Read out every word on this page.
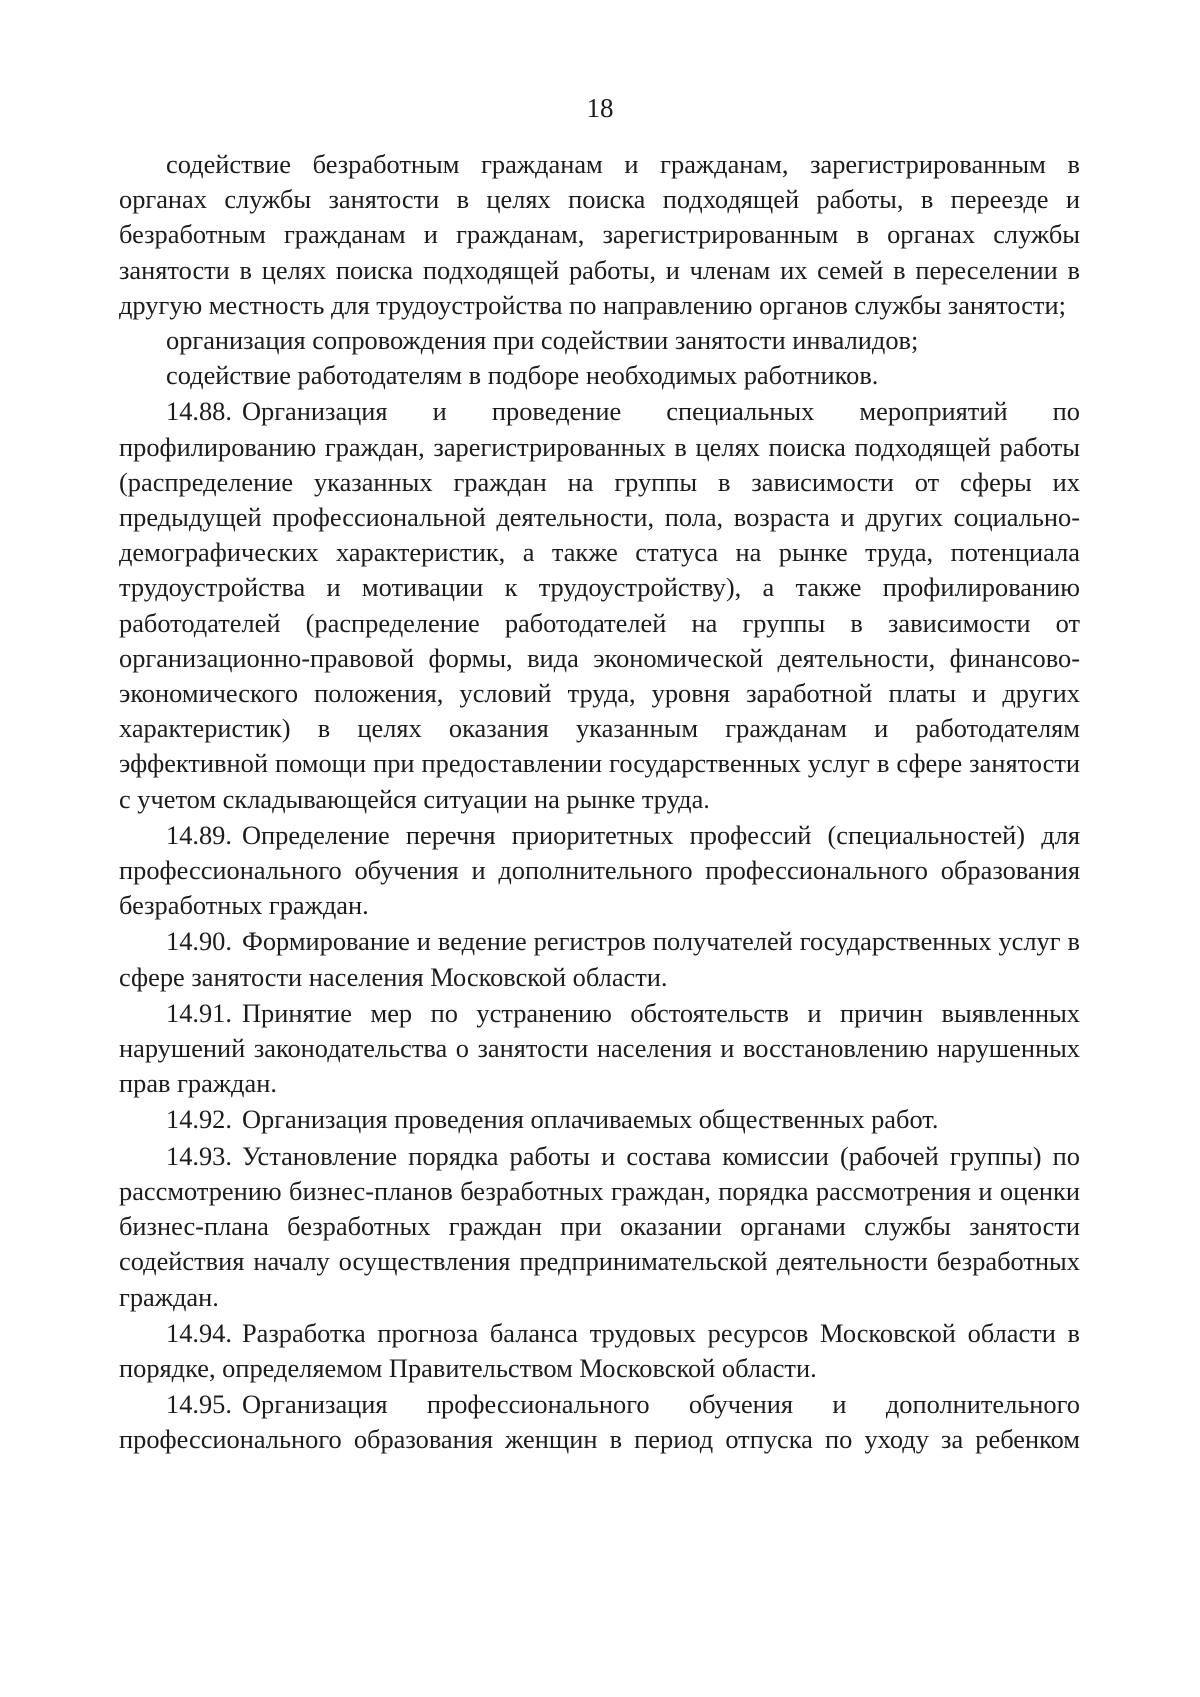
18

содействие безработным гражданам и гражданам, зарегистрированным в органах службы занятости в целях поиска подходящей работы, в переезде и безработным гражданам и гражданам, зарегистрированным в органах службы занятости в целях поиска подходящей работы, и членам их семей в переселении в другую местность для трудоустройства по направлению органов службы занятости;

организация сопровождения при содействии занятости инвалидов;

содействие работодателям в подборе необходимых работников.

14.88. Организация и проведение специальных мероприятий по профилированию граждан, зарегистрированных в целях поиска подходящей работы (распределение указанных граждан на группы в зависимости от сферы их предыдущей профессиональной деятельности, пола, возраста и других социально-демографических характеристик, а также статуса на рынке труда, потенциала трудоустройства и мотивации к трудоустройству), а также профилированию работодателей (распределение работодателей на группы в зависимости от организационно-правовой формы, вида экономической деятельности, финансово-экономического положения, условий труда, уровня заработной платы и других характеристик) в целях оказания указанным гражданам и работодателям эффективной помощи при предоставлении государственных услуг в сфере занятости с учетом складывающейся ситуации на рынке труда.

14.89. Определение перечня приоритетных профессий (специальностей) для профессионального обучения и дополнительного профессионального образования безработных граждан.

14.90. Формирование и ведение регистров получателей государственных услуг в сфере занятости населения Московской области.

14.91. Принятие мер по устранению обстоятельств и причин выявленных нарушений законодательства о занятости населения и восстановлению нарушенных прав граждан.

14.92. Организация проведения оплачиваемых общественных работ.

14.93. Установление порядка работы и состава комиссии (рабочей группы) по рассмотрению бизнес-планов безработных граждан, порядка рассмотрения и оценки бизнес-плана безработных граждан при оказании органами службы занятости содействия началу осуществления предпринимательской деятельности безработных граждан.

14.94. Разработка прогноза баланса трудовых ресурсов Московской области в порядке, определяемом Правительством Московской области.

14.95. Организация профессионального обучения и дополнительного профессионального образования женщин в период отпуска по уходу за ребенком
